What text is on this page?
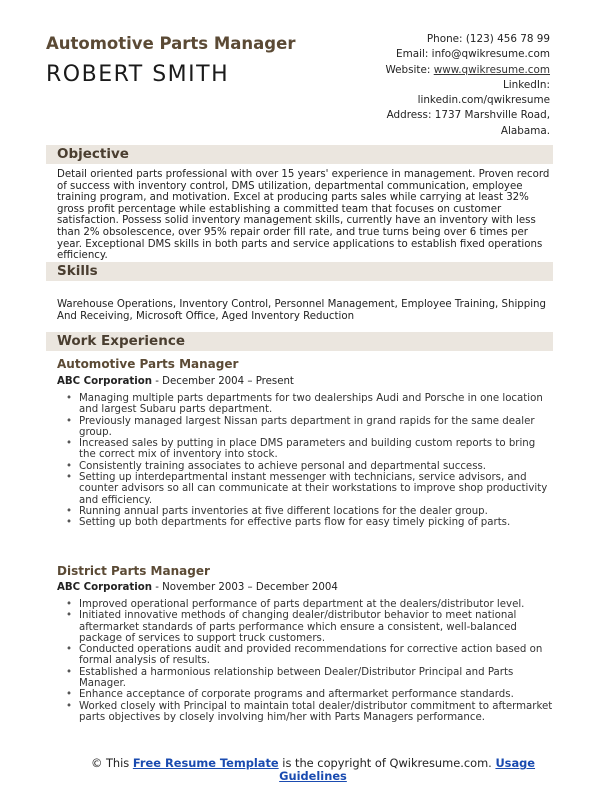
Automotive Parts Manager
ROBERT SMITH
Phone: (123) 456 78 99
Email: info@qwikresume.com
Website: www.qwikresume.com
LinkedIn:
linkedin.com/qwikresume
Address: 1737 Marshville Road,
Alabama.
Objective
Detail oriented parts professional with over 15 years' experience in management. Proven record of success with inventory control, DMS utilization, departmental communication, employee training program, and motivation. Excel at producing parts sales while carrying at least 32% gross profit percentage while establishing a committed team that focuses on customer satisfaction. Possess solid inventory management skills, currently have an inventory with less than 2% obsolescence, over 95% repair order fill rate, and true turns being over 6 times per year. Exceptional DMS skills in both parts and service applications to establish fixed operations efficiency.
Skills
Warehouse Operations, Inventory Control, Personnel Management, Employee Training, Shipping And Receiving, Microsoft Office, Aged Inventory Reduction
Work Experience
Automotive Parts Manager
ABC Corporation - December 2004 – Present
• Managing multiple parts departments for two dealerships Audi and Porsche in one location and largest Subaru parts department.
• Previously managed largest Nissan parts department in grand rapids for the same dealer group.
• Increased sales by putting in place DMS parameters and building custom reports to bring the correct mix of inventory into stock.
• Consistently training associates to achieve personal and departmental success.
• Setting up interdepartmental instant messenger with technicians, service advisors, and counter advisors so all can communicate at their workstations to improve shop productivity and efficiency.
• Running annual parts inventories at five different locations for the dealer group.
• Setting up both departments for effective parts flow for easy timely picking of parts.
District Parts Manager
ABC Corporation - November 2003 – December 2004
• Improved operational performance of parts department at the dealers/distributor level.
• Initiated innovative methods of changing dealer/distributor behavior to meet national aftermarket standards of parts performance which ensure a consistent, well-balanced package of services to support truck customers.
• Conducted operations audit and provided recommendations for corrective action based on formal analysis of results.
• Established a harmonious relationship between Dealer/Distributor Principal and Parts Manager.
• Enhance acceptance of corporate programs and aftermarket performance standards.
• Worked closely with Principal to maintain total dealer/distributor commitment to aftermarket parts objectives by closely involving him/her with Parts Managers performance.
© This Free Resume Template is the copyright of Qwikresume.com. Usage Guidelines
